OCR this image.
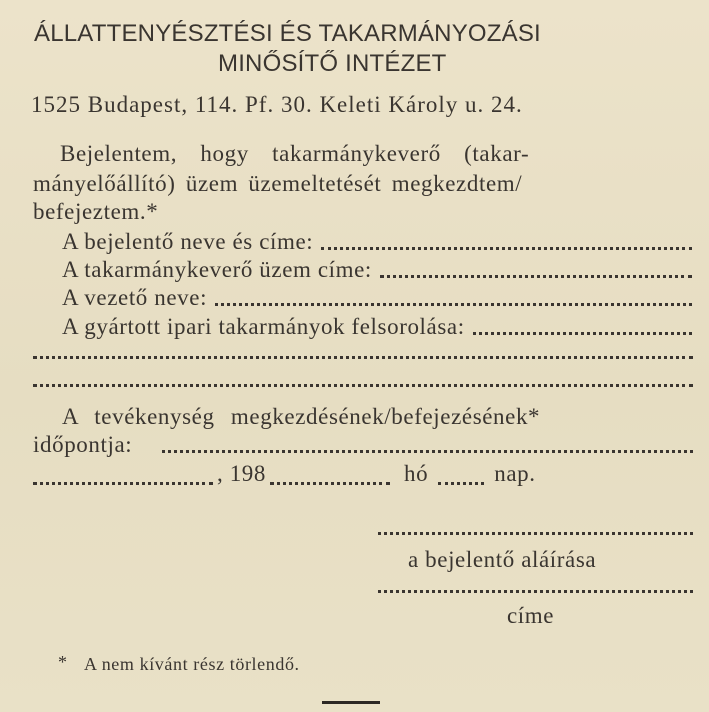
ÁLLATTENYÉSZTÉSI ÉS TAKARMÁNYOZÁSI
MINŐSÍTŐ INTÉZET
1525 Budapest, 114. Pf. 30. Keleti Károly u. 24.
Bejelentem, hogy takarmánykeverő (takar-
mányelőállító) üzem üzemeltetését megkezdtem/
befejeztem.*
A bejelentő neve és címe:
A takarmánykeverő üzem címe:
A vezető neve:
A gyártott ipari takarmányok felsorolása:
A tevékenység megkezdésének/befejezésének*
időpontja:
, 198	hó	nap.
a bejelentő aláírása
címe
* A nem kívánt rész törlendő.
